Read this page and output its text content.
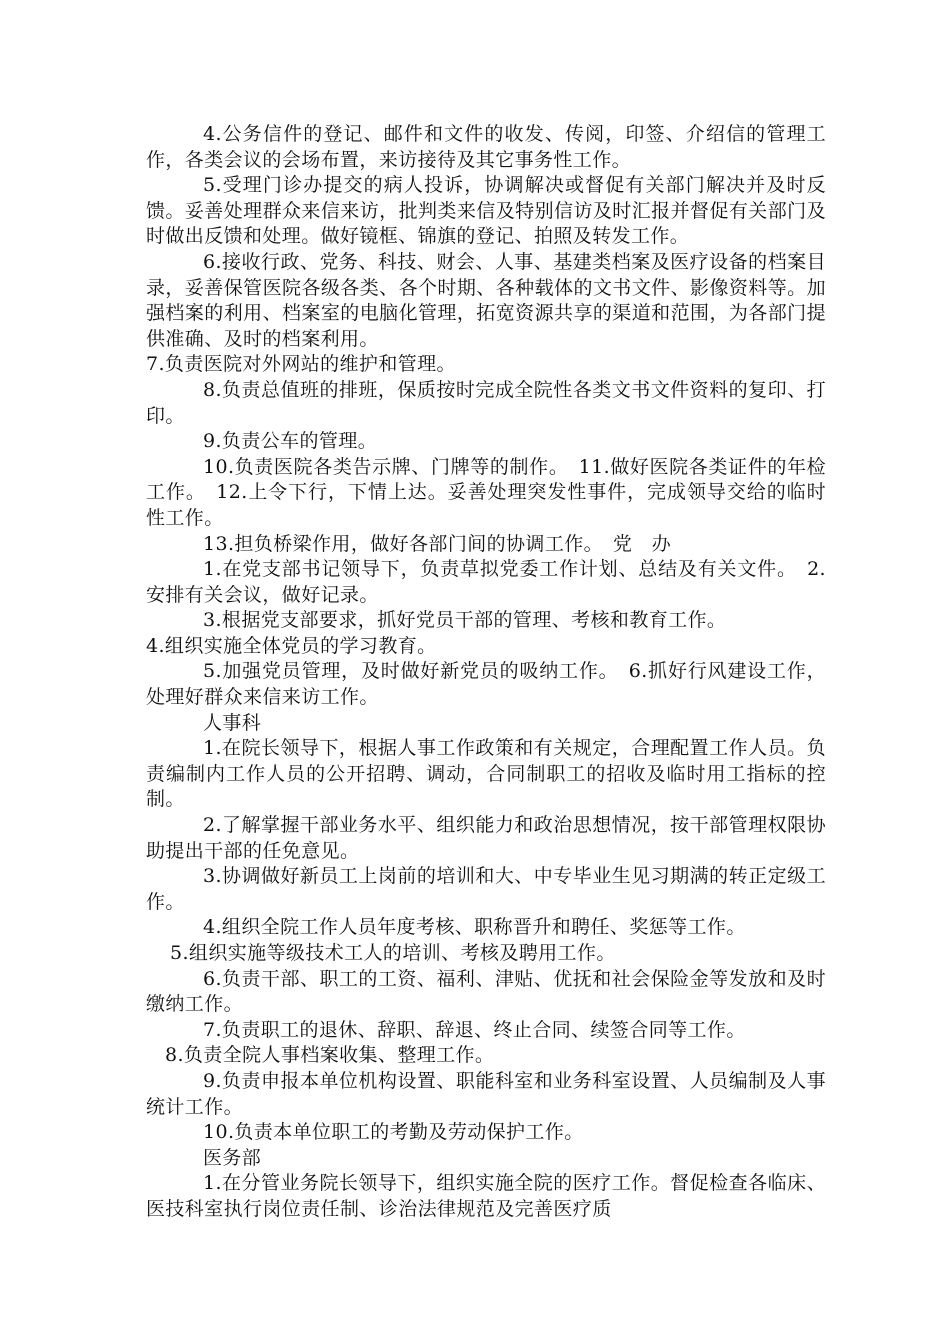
4.公务信件的登记、邮件和文件的收发、传阅，印签、介绍信的管理工作，各类会议的会场布置，来访接待及其它事务性工作。

5.受理门诊办提交的病人投诉，协调解决或督促有关部门解决并及时反馈。妥善处理群众来信来访，批判类来信及特别信访及时汇报并督促有关部门及时做出反馈和处理。做好镜框、锦旗的登记、拍照及转发工作。

6.接收行政、党务、科技、财会、人事、基建类档案及医疗设备的档案目录，妥善保管医院各级各类、各个时期、各种载体的文书文件、影像资料等。加强档案的利用、档案室的电脑化管理，拓宽资源共享的渠道和范围，为各部门提供准确、及时的档案利用。

7.负责医院对外网站的维护和管理。

8.负责总值班的排班，保质按时完成全院性各类文书文件资料的复印、打印。

9.负责公车的管理。

10.负责医院各类告示牌、门牌等的制作。　11.做好医院各类证件的年检工作。　12.上令下行，下情上达。妥善处理突发性事件，完成领导交给的临时性工作。

13.担负桥梁作用，做好各部门间的协调工作。　党　办

1.在党支部书记领导下，负责草拟党委工作计划、总结及有关文件。　2.安排有关会议，做好记录。

3.根据党支部要求，抓好党员干部的管理、考核和教育工作。

4.组织实施全体党员的学习教育。

5.加强党员管理，及时做好新党员的吸纳工作。　6.抓好行风建设工作，处理好群众来信来访工作。

人事科

1.在院长领导下，根据人事工作政策和有关规定，合理配置工作人员。负责编制内工作人员的公开招聘、调动，合同制职工的招收及临时用工指标的控制。

2.了解掌握干部业务水平、组织能力和政治思想情况，按干部管理权限协助提出干部的任免意见。

3.协调做好新员工上岗前的培训和大、中专毕业生见习期满的转正定级工作。

4.组织全院工作人员年度考核、职称晋升和聘任、奖惩等工作。

5.组织实施等级技术工人的培训、考核及聘用工作。

6.负责干部、职工的工资、福利、津贴、优抚和社会保险金等发放和及时缴纳工作。

7.负责职工的退休、辞职、辞退、终止合同、续签合同等工作。

8.负责全院人事档案收集、整理工作。

9.负责申报本单位机构设置、职能科室和业务科室设置、人员编制及人事统计工作。

10.负责本单位职工的考勤及劳动保护工作。

医务部

1.在分管业务院长领导下，组织实施全院的医疗工作。督促检查各临床、医技科室执行岗位责任制、诊治法律规范及完善医疗质
